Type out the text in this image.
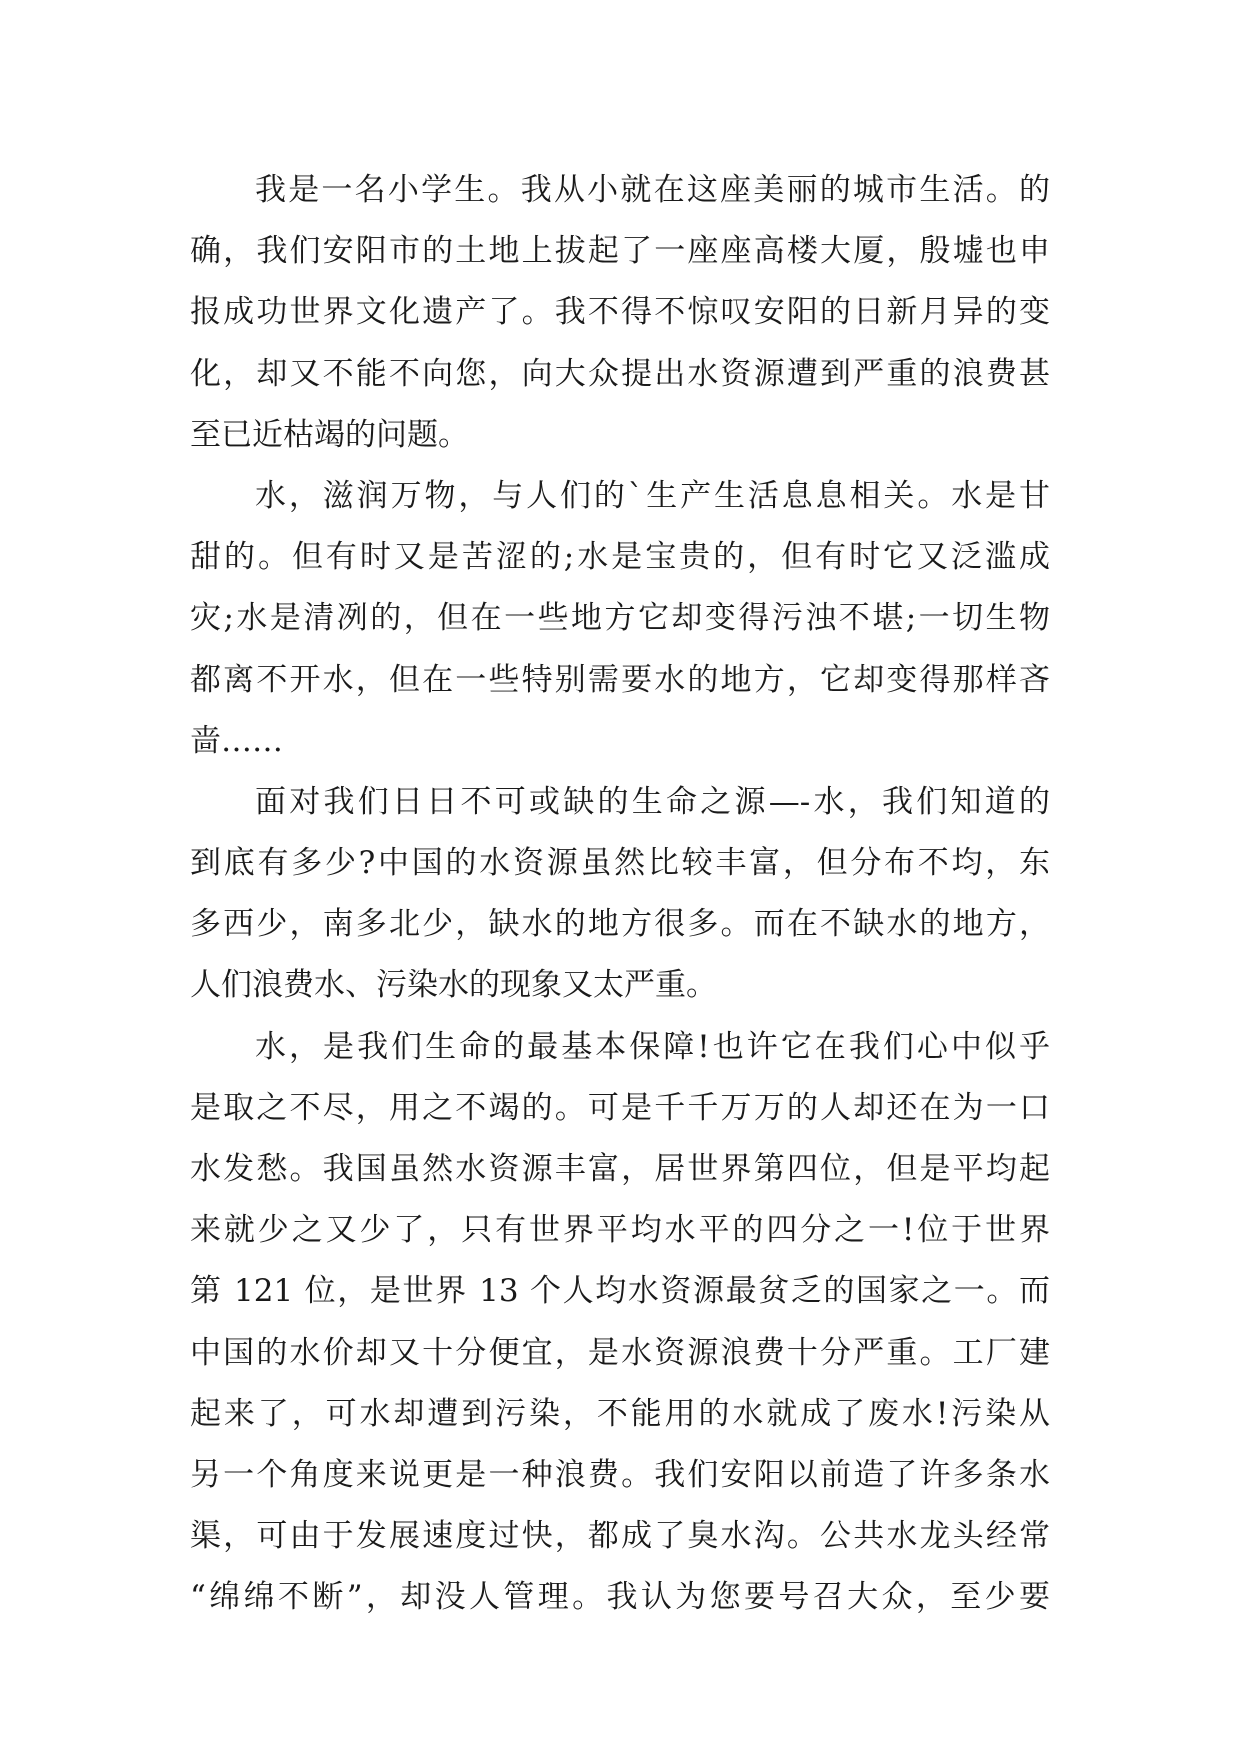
我是一名小学生。我从小就在这座美丽的城市生活。的
确，我们安阳市的土地上拔起了一座座高楼大厦，殷墟也申
报成功世界文化遗产了。我不得不惊叹安阳的日新月异的变
化，却又不能不向您，向大众提出水资源遭到严重的浪费甚
至已近枯竭的问题。
水，滋润万物，与人们的`生产生活息息相关。水是甘
甜的。但有时又是苦涩的;水是宝贵的，但有时它又泛滥成
灾;水是清冽的，但在一些地方它却变得污浊不堪;一切生物
都离不开水，但在一些特别需要水的地方，它却变得那样吝
啬……
面对我们日日不可或缺的生命之源—-水，我们知道的
到底有多少?中国的水资源虽然比较丰富，但分布不均，东
多西少，南多北少，缺水的地方很多。而在不缺水的地方，
人们浪费水、污染水的现象又太严重。
水，是我们生命的最基本保障!也许它在我们心中似乎
是取之不尽，用之不竭的。可是千千万万的人却还在为一口
水发愁。我国虽然水资源丰富，居世界第四位，但是平均起
来就少之又少了，只有世界平均水平的四分之一!位于世界
第 121 位，是世界 13 个人均水资源最贫乏的国家之一。而
中国的水价却又十分便宜，是水资源浪费十分严重。工厂建
起来了，可水却遭到污染，不能用的水就成了废水!污染从
另一个角度来说更是一种浪费。我们安阳以前造了许多条水
渠，可由于发展速度过快，都成了臭水沟。公共水龙头经常
“绵绵不断”，却没人管理。我认为您要号召大众，至少要
